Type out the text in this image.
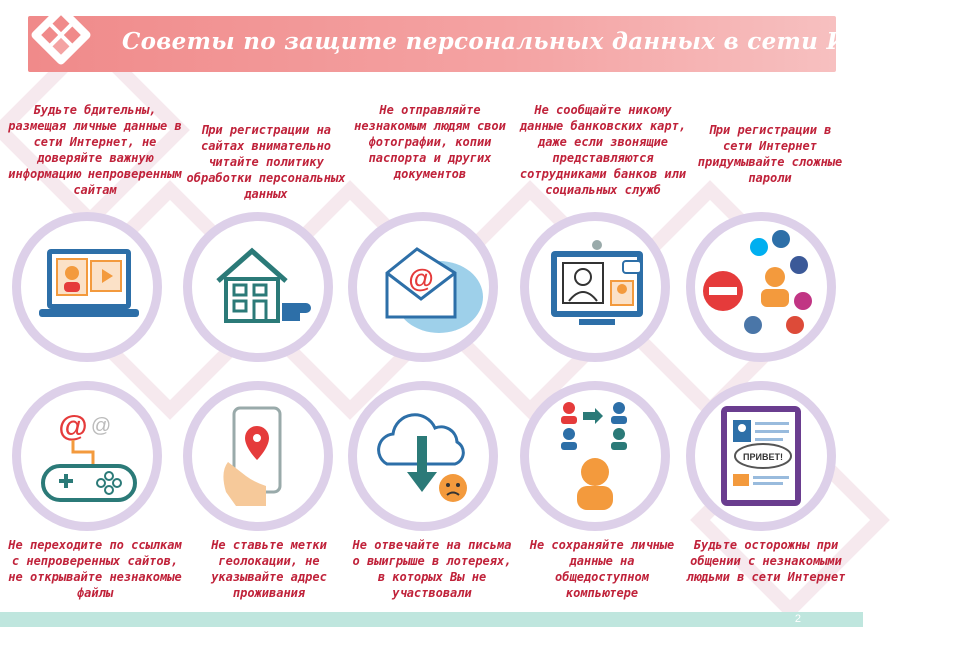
Советы по защите персональных данных в сети Интернет
Будьте бдительны, размещая личные данные в сети Интернет, не доверяйте важную информацию непроверенным сайтам
При регистрации на сайтах внимательно читайте политику обработки персональных данных
Не отправляйте незнакомым людям свои фотографии, копии паспорта и других документов
Не сообщайте никому данные банковских карт, даже если звонящие представляются сотрудниками банков или социальных служб
При регистрации в сети Интернет придумывайте сложные пароли
@
@ @
ПРИВЕТ!
Не переходите по ссылкам с непроверенных сайтов, не открывайте незнакомые файлы
Не ставьте метки геолокации, не указывайте адрес проживания
Не отвечайте на письма о выигрыше в лотереях, в которых Вы не участвовали
Не сохраняйте личные данные на общедоступном компьютере
Будьте осторожны при общении с незнакомыми людьми в сети Интернет
2
